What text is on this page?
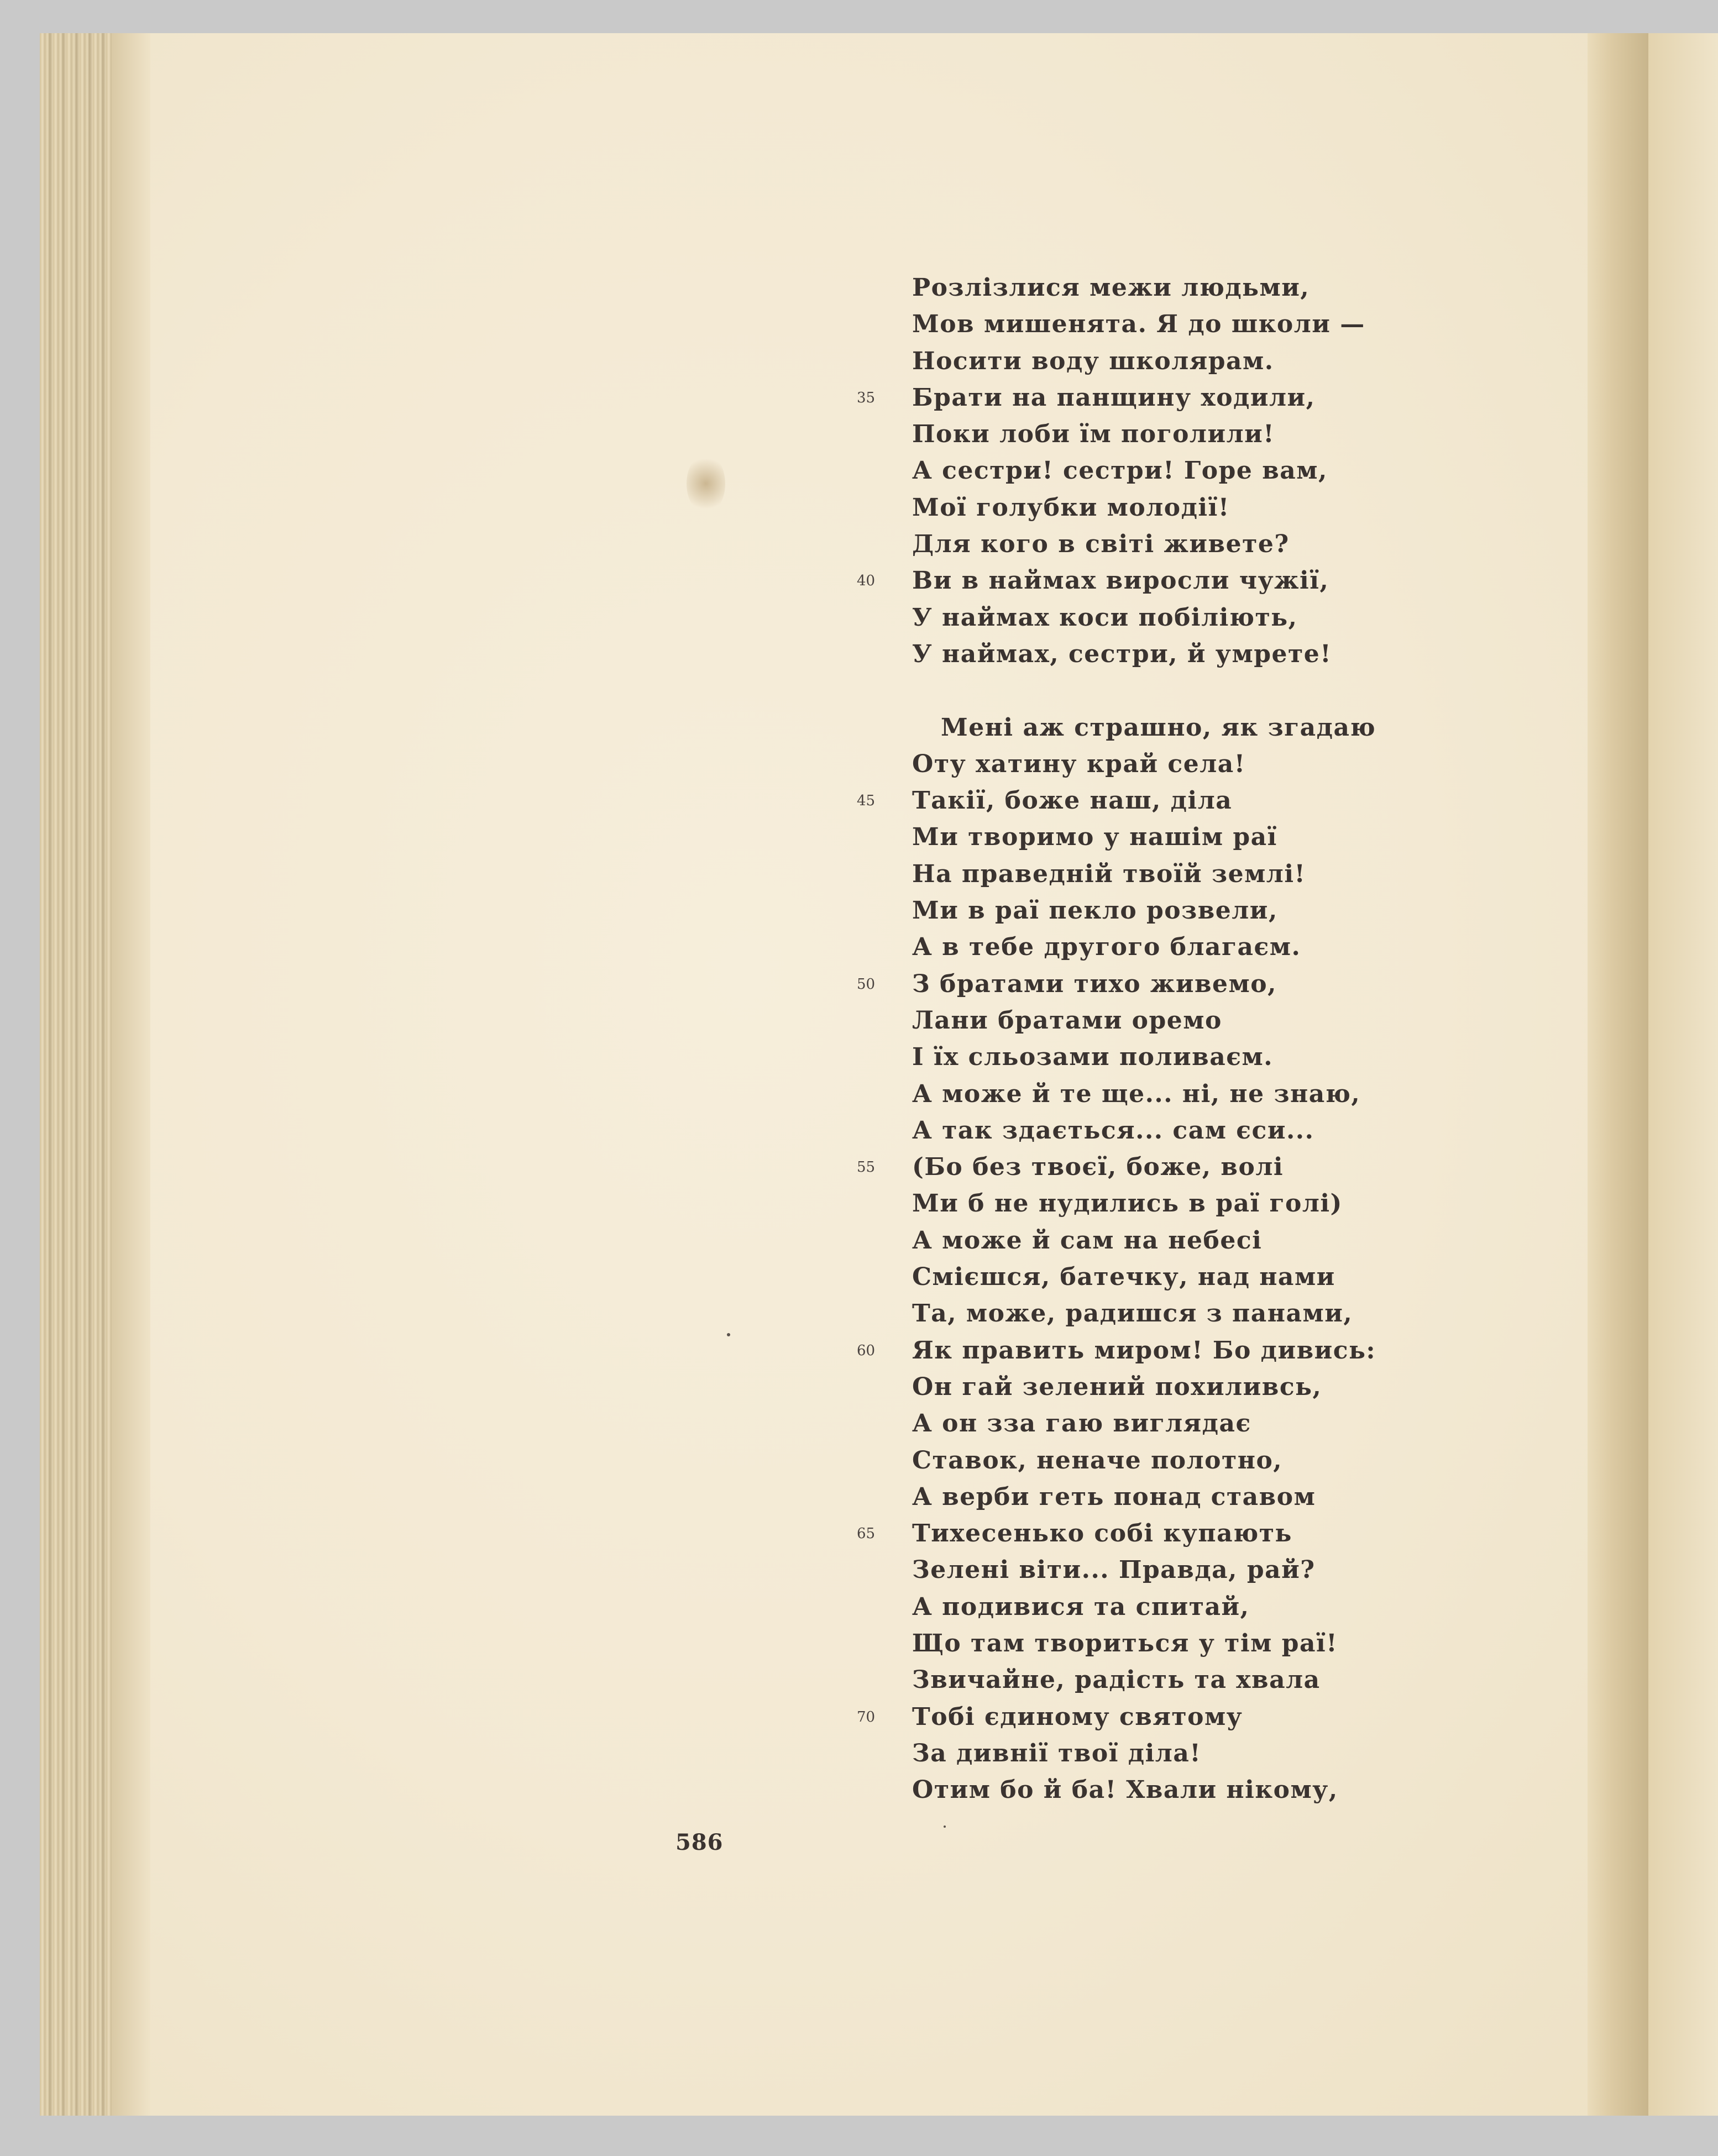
Розлізлися межи людьми,
Мов мишенята. Я до школи —
Носити воду школярам.
35	Брати на панщину ходили,
Поки лоби їм поголили!
А сестри! сестри! Горе вам,
Мої голубки молодії!
Для кого в світі живете?
40	Ви в наймах виросли чужії,
У наймах коси побіліють,
У наймах, сестри, й умрете!
Мені аж страшно, як згадаю
Оту хатину край села!
45	Такії, боже наш, діла
Ми творимо у нашім раї
На праведній твоїй землі!
Ми в раї пекло розвели,
А в тебе другого благаєм.
50	З братами тихо живемо,
Лани братами оремо
І їх сльозами поливаєм.
А може й те ще... ні, не знаю,
А так здається... сам єси...
55	(Бо без твоєї, боже, волі
Ми б не нудились в раї голі)
А може й сам на небесі
Смієшся, батечку, над нами
Та, може, радишся з панами,
60	Як править миром! Бо дивись:
Он гай зелений похиливсь,
А он зза гаю виглядає
Ставок, неначе полотно,
А верби геть понад ставом
65	Тихесенько собі купають
Зелені віти... Правда, рай?
А подивися та спитай,
Що там твориться у тім раї!
Звичайне, радість та хвала
70	Тобі єдиному святому
За дивнії твої діла!
Отим бо й ба! Хвали нікому,
586
